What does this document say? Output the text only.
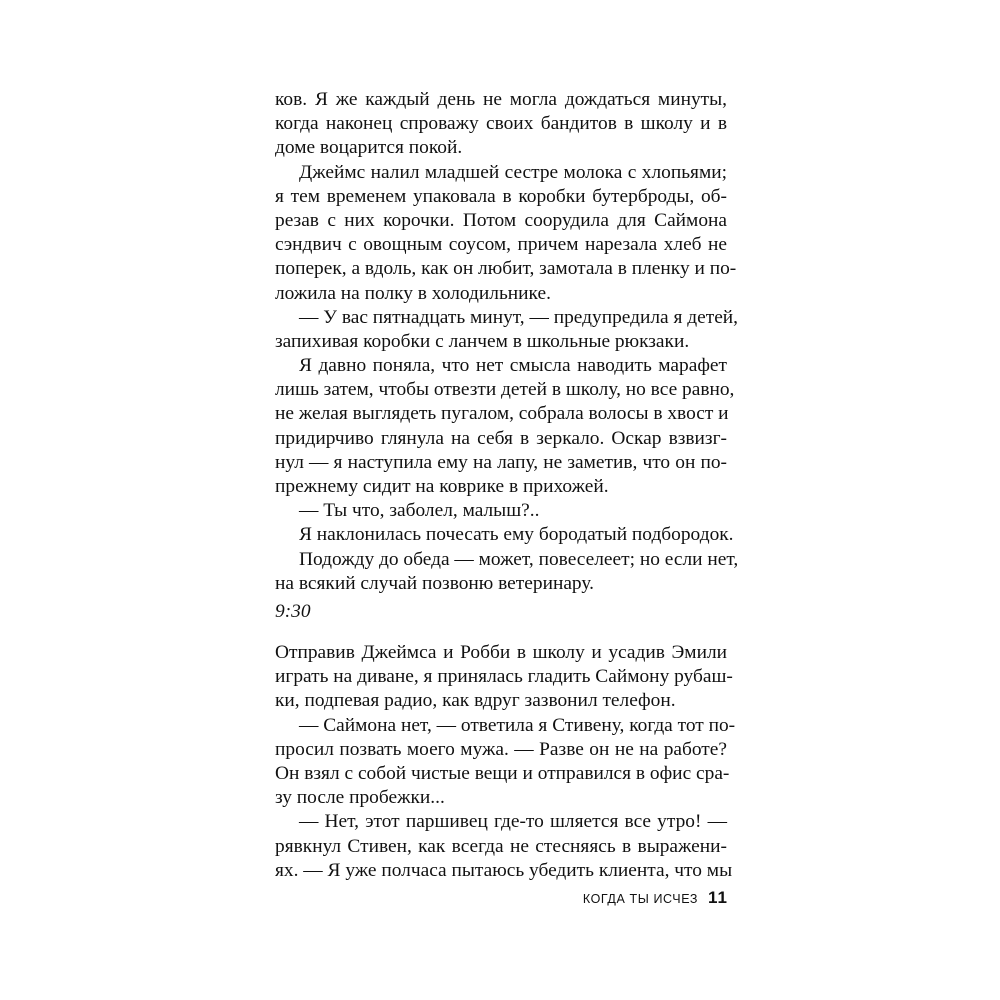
ков. Я же каждый день не могла дождаться минуты,
когда наконец спроважу своих бандитов в школу и в
доме воцарится покой.
Джеймс налил младшей сестре молока с хлопьями;
я тем временем упаковала в коробки бутерброды, об-
резав с них корочки. Потом соорудила для Саймона
сэндвич с овощным соусом, причем нарезала хлеб не
поперек, а вдоль, как он любит, замотала в пленку и по-
ложила на полку в холодильнике.
— У вас пятнадцать минут, — предупредила я детей,
запихивая коробки с ланчем в школьные рюкзаки.
Я давно поняла, что нет смысла наводить марафет
лишь затем, чтобы отвезти детей в школу, но все равно,
не желая выглядеть пугалом, собрала волосы в хвост и
придирчиво глянула на себя в зеркало. Оскар взвизг-
нул — я наступила ему на лапу, не заметив, что он по-
прежнему сидит на коврике в прихожей.
— Ты что, заболел, малыш?..
Я наклонилась почесать ему бородатый подбородок.
Подожду до обеда — может, повеселеет; но если нет,
на всякий случай позвоню ветеринару.
9:30
Отправив Джеймса и Робби в школу и усадив Эмили
играть на диване, я принялась гладить Саймону рубаш-
ки, подпевая радио, как вдруг зазвонил телефон.
— Саймона нет, — ответила я Стивену, когда тот по-
просил позвать моего мужа. — Разве он не на работе?
Он взял с собой чистые вещи и отправился в офис сра-
зу после пробежки...
— Нет, этот паршивец где-то шляется все утро! —
рявкнул Стивен, как всегда не стесняясь в выражени-
ях. — Я уже полчаса пытаюсь убедить клиента, что мы
КОГДА ТЫ ИСЧЕЗ 11
